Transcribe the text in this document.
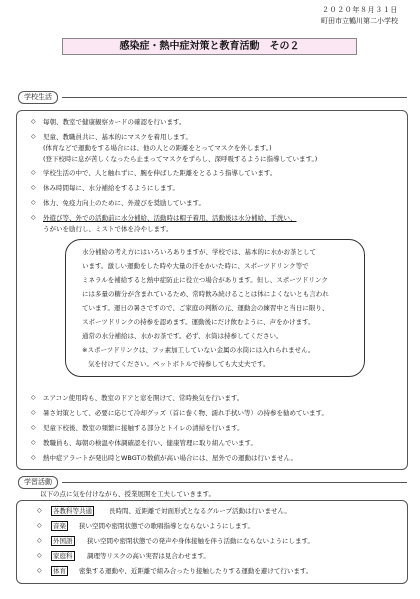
２０２０年８月３１日
町田市立鶴川第二小学校
感染症・熱中症対策と教育活動　その２
学校生活
◇ 毎朝、教室で健康観察カードの確認を行います。
◇ 児童、教職員共に、基本的にマスクを着用します。
(体育などで運動をする場合には、他の人との距離をとってマスクを外します。)
(登下校時に息が苦しくなったら止まってマスクをずらし、深呼吸するように指導しています。)
◇ 学校生活の中で、人と触れずに、腕を伸ばした距離をとるよう指導しています。
◇ 休み時間毎に、水分補給をするようにします。
◇ 体力、免疫力向上のために、外遊びを奨励しています。
◇ 外遊び等、外での活動前に水分補給、活動時は帽子着用、活動後は水分補給、手洗い、
うがいを励行し、ミストで体を冷やします。
水分補給の考え方にはいろいろありますが、学校では、基本的に水かお茶として
います。激しい運動をした時や大量の汗をかいた時に、スポーツドリンク等で
ミネラルを補給すると熱中症防止に役立つ場合があります。但し、スポーツドリンク
には多量の糖分が含まれているため、常時飲み続けることは体によくないとも言われ
ています。運日の暑さですので、ご家庭の判断の元、運動会の練習中と当日に限り、
スポーツドリンクの持参を認めます。運動後にだけ飲むように、声をかけます。
通常の水分補給は、水かお茶です。必ず、水筒は持参してください。
※スポーツドリンクは、フッ素加工していない金属の水筒には入れられません。
気を付けてください。ペットボトルで持参しても大丈夫です。
◇ エアコン使用時も、教室のドアと窓を開けて、常時換気を行います。
◇ 暑さ対策として、必要に応じて冷却グッズ（首に巻く物、濡れ手拭い等）の持参を勧めています。
◇ 児童下校後、教室の頻繁に接触する部分とトイレの清掃を行います。
◇ 教職員も、毎朝の検温や体調確認を行い、健康管理に取り組んでいます。
◇ 熱中症アラートが発出時とWBGTの数値が高い場合には、屋外での運動は行いません。
学習活動
以下の点に気を付けながら、授業展開を工夫していきます。
◇	各教科等共通	長時間、近距離で対面形式となるグループ活動は行いません。
◇	音楽	狭い空間や密閉状態での歌唱指導とならないようにします。
◇	外国語	狭い空間や密閉状態での発声や身体接触を伴う活動にならないようにします。
◇	家庭科	調理等リスクの高い実習は見合わせます。
◇	体育	密集する運動や、近距離で組み合ったり接触したりする運動を避けて行います。
